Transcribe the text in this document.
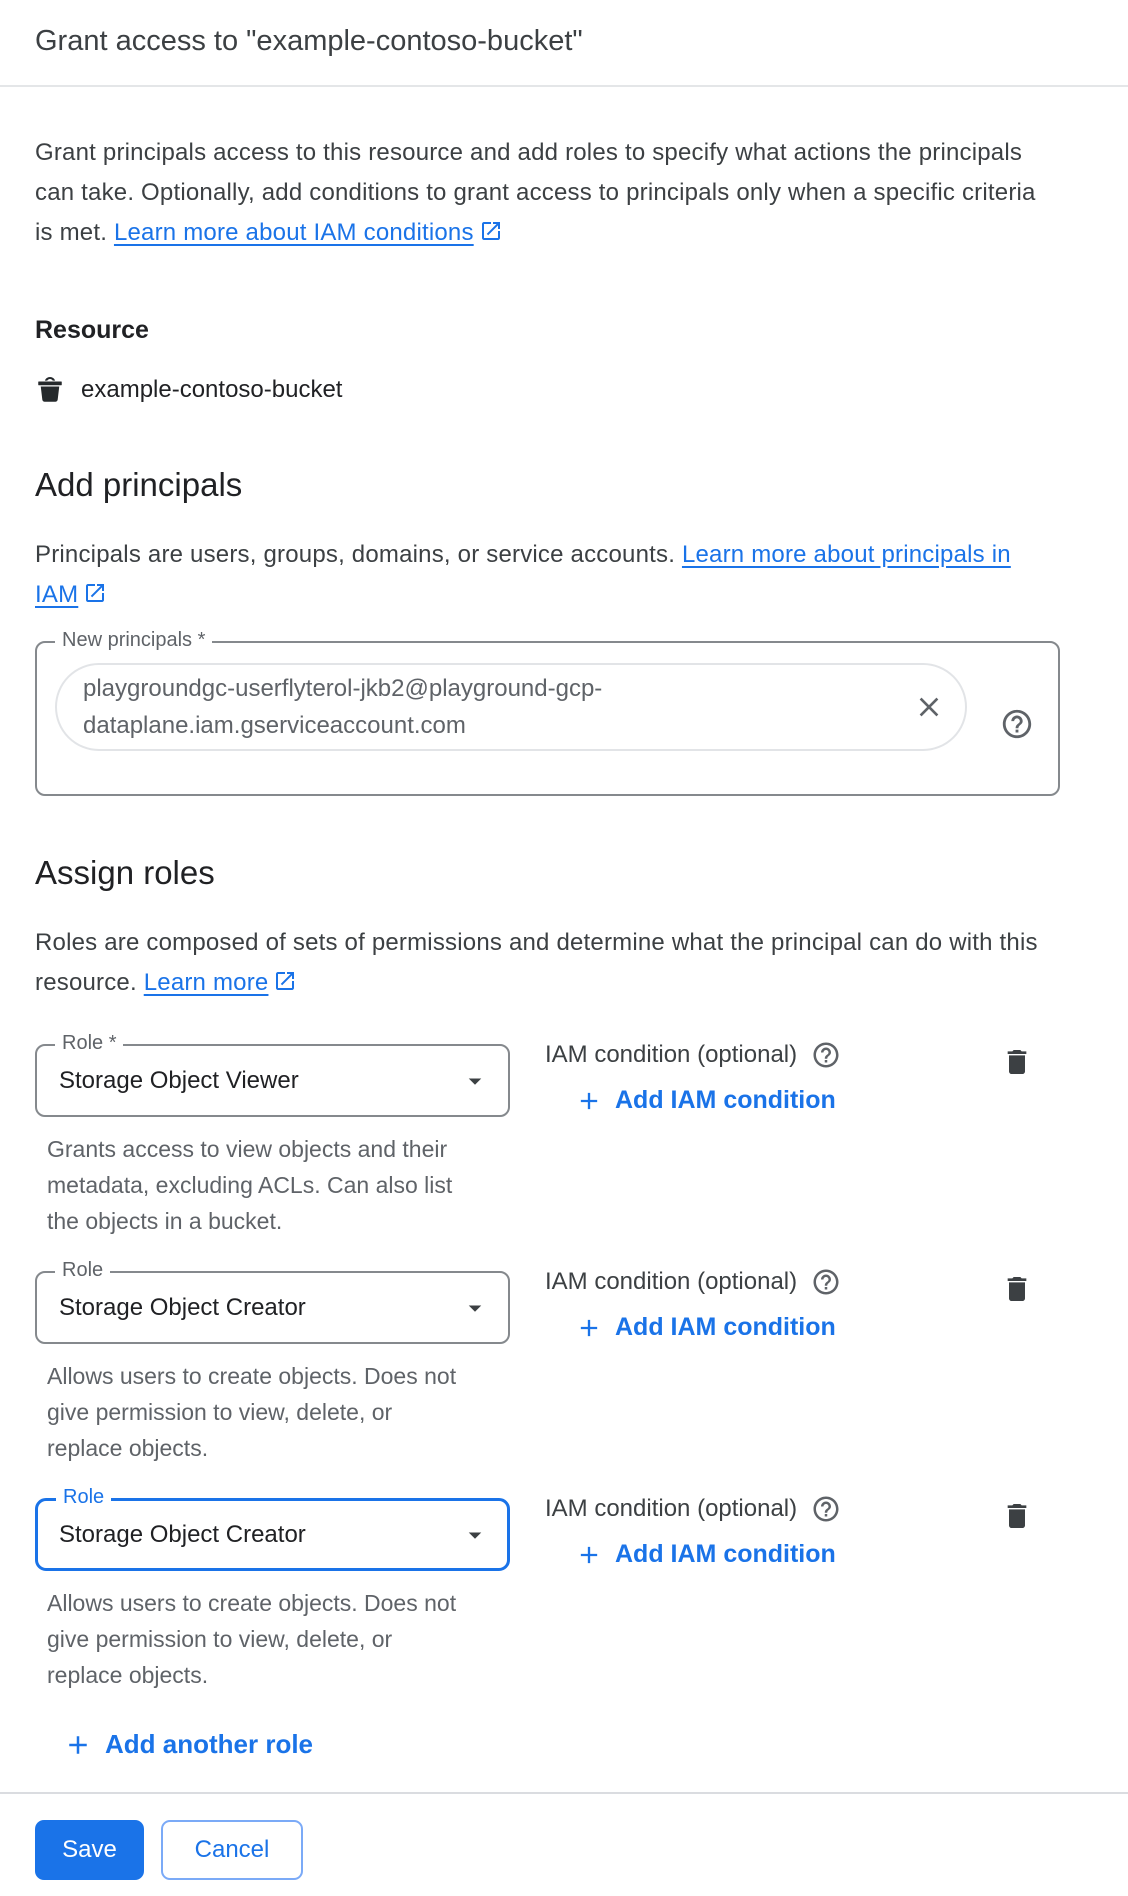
Grant access to "example-contoso-bucket"

Grant principals access to this resource and add roles to specify what actions the principals can take. Optionally, add conditions to grant access to principals only when a specific criteria is met. Learn more about IAM conditions

Resource
example-contoso-bucket
Add principals

Principals are users, groups, domains, or service accounts. Learn more about principals in IAM

New principals *
playgroundgc-userflyterol-jkb2@playground-gcp-dataplane.iam.gserviceaccount.com
Assign roles

Roles are composed of sets of permissions and determine what the principal can do with this resource. Learn more

Role *
Storage Object Viewer
Grants access to view objects and their metadata, excluding ACLs. Can also list the objects in a bucket.
IAM condition (optional)
Add IAM condition
Role
Storage Object Creator
Allows users to create objects. Does not give permission to view, delete, or replace objects.
IAM condition (optional)
Add IAM condition
Role
Storage Object Creator
Allows users to create objects. Does not give permission to view, delete, or replace objects.
IAM condition (optional)
Add IAM condition
Add another role
Save	Cancel
